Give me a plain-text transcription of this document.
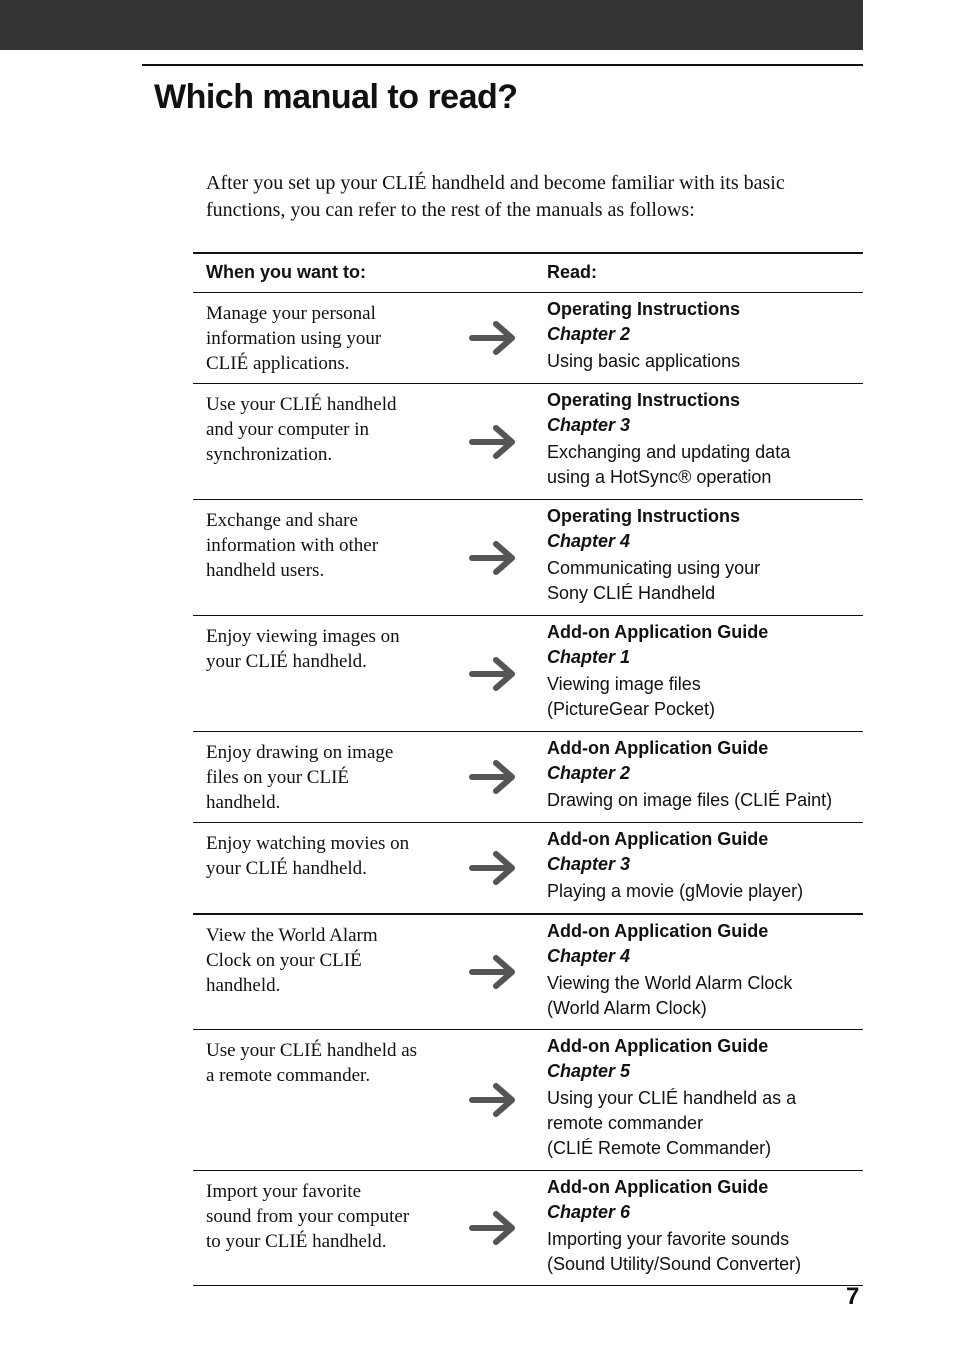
Which manual to read?

After you set up your CLIÉ handheld and become familiar with its basic functions, you can refer to the rest of the manuals as follows:

When you want to:	Read:
Manage your personal
information using your
CLIÉ applications.
Operating Instructions
Chapter 2
Using basic applications
Use your CLIÉ handheld
and your computer in
synchronization.
Operating Instructions
Chapter 3
Exchanging and updating data
using a HotSync® operation
Exchange and share
information with other
handheld users.
Operating Instructions
Chapter 4
Communicating using your
Sony CLIÉ Handheld
Enjoy viewing images on
your CLIÉ handheld.
Add-on Application Guide
Chapter 1
Viewing image files
(PictureGear Pocket)
Enjoy drawing on image
files on your CLIÉ
handheld.
Add-on Application Guide
Chapter 2
Drawing on image files (CLIÉ Paint)
Enjoy watching movies on
your CLIÉ handheld.
Add-on Application Guide
Chapter 3
Playing a movie (gMovie player)
View the World Alarm
Clock on your CLIÉ
handheld.
Add-on Application Guide
Chapter 4
Viewing the World Alarm Clock
(World Alarm Clock)
Use your CLIÉ handheld as
a remote commander.
Add-on Application Guide
Chapter 5
Using your CLIÉ handheld as a
remote commander
(CLIÉ Remote Commander)
Import your favorite
sound from your computer
to your CLIÉ handheld.
Add-on Application Guide
Chapter 6
Importing your favorite sounds
(Sound Utility/Sound Converter)
7
